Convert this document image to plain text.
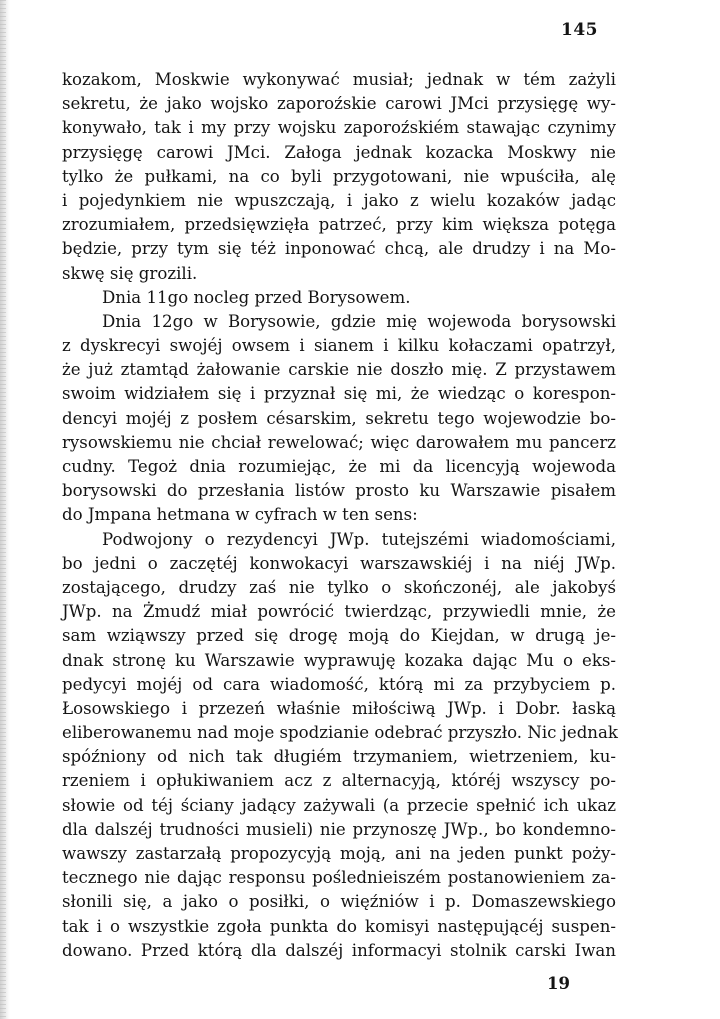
145
kozakom, Moskwie wykonywać musiał; jednak w tém zażyli
sekretu, że jako wojsko zaporoźskie carowi JMci przysięgę wy-
konywało, tak i my przy wojsku zaporoźskiém stawając czynimy
przysięgę carowi JMci. Załoga jednak kozacka Moskwy nie
tylko że pułkami, na co byli przygotowani, nie wpuściła, alę
i pojedynkiem nie wpuszczają, i jako z wielu kozaków jadąc
zrozumiałem, przedsięwzięła patrzeć, przy kim większa potęga
będzie, przy tym się téż inponować chcą, ale drudzy i na Mo-
skwę się grozili.
Dnia 11go nocleg przed Borysowem.
Dnia 12go w Borysowie, gdzie mię wojewoda borysowski
z dyskrecyi swojéj owsem i sianem i kilku kołaczami opatrzył,
że już ztamtąd żałowanie carskie nie doszło mię. Z przystawem
swoim widziałem się i przyznał się mi, że wiedząc o korespon-
dencyi mojéj z posłem césarskim, sekretu tego wojewodzie bo-
rysowskiemu nie chciał rewelować; więc darowałem mu pancerz
cudny. Tegoż dnia rozumiejąc, że mi da licencyją wojewoda
borysowski do przesłania listów prosto ku Warszawie pisałem
do Jmpana hetmana w cyfrach w ten sens:
Podwojony o rezydencyi JWp. tutejszémi wiadomościami,
bo jedni o zaczętéj konwokacyi warszawskiéj i na niéj JWp.
zostającego, drudzy zaś nie tylko o skończonéj, ale jakobyś
JWp. na Żmudź miał powrócić twierdząc, przywiedli mnie, że
sam wziąwszy przed się drogę moją do Kiejdan, w drugą je-
dnak stronę ku Warszawie wyprawuję kozaka dając Mu o eks-
pedycyi mojéj od cara wiadomość, którą mi za przybyciem p.
Łosowskiego i przezeń właśnie miłościwą JWp. i Dobr. łaską
eliberowanemu nad moje spodzianie odebrać przyszło. Nic jednak
spóźniony od nich tak długiém trzymaniem, wietrzeniem, ku-
rzeniem i opłukiwaniem acz z alternacyją, któréj wszyscy po-
słowie od téj ściany jadący zażywali (a przecie spełnić ich ukaz
dla dalszéj trudności musieli) nie przynoszę JWp., bo kondemno-
wawszy zastarzałą propozycyją moją, ani na jeden punkt poży-
tecznego nie dając responsu poślednieiszém postanowieniem za-
słonili się, a jako o posiłki, o więźniów i p. Domaszewskiego
tak i o wszystkie zgoła punkta do komisyi następującéj suspen-
dowano. Przed którą dla dalszéj informacyi stolnik carski Iwan
19
